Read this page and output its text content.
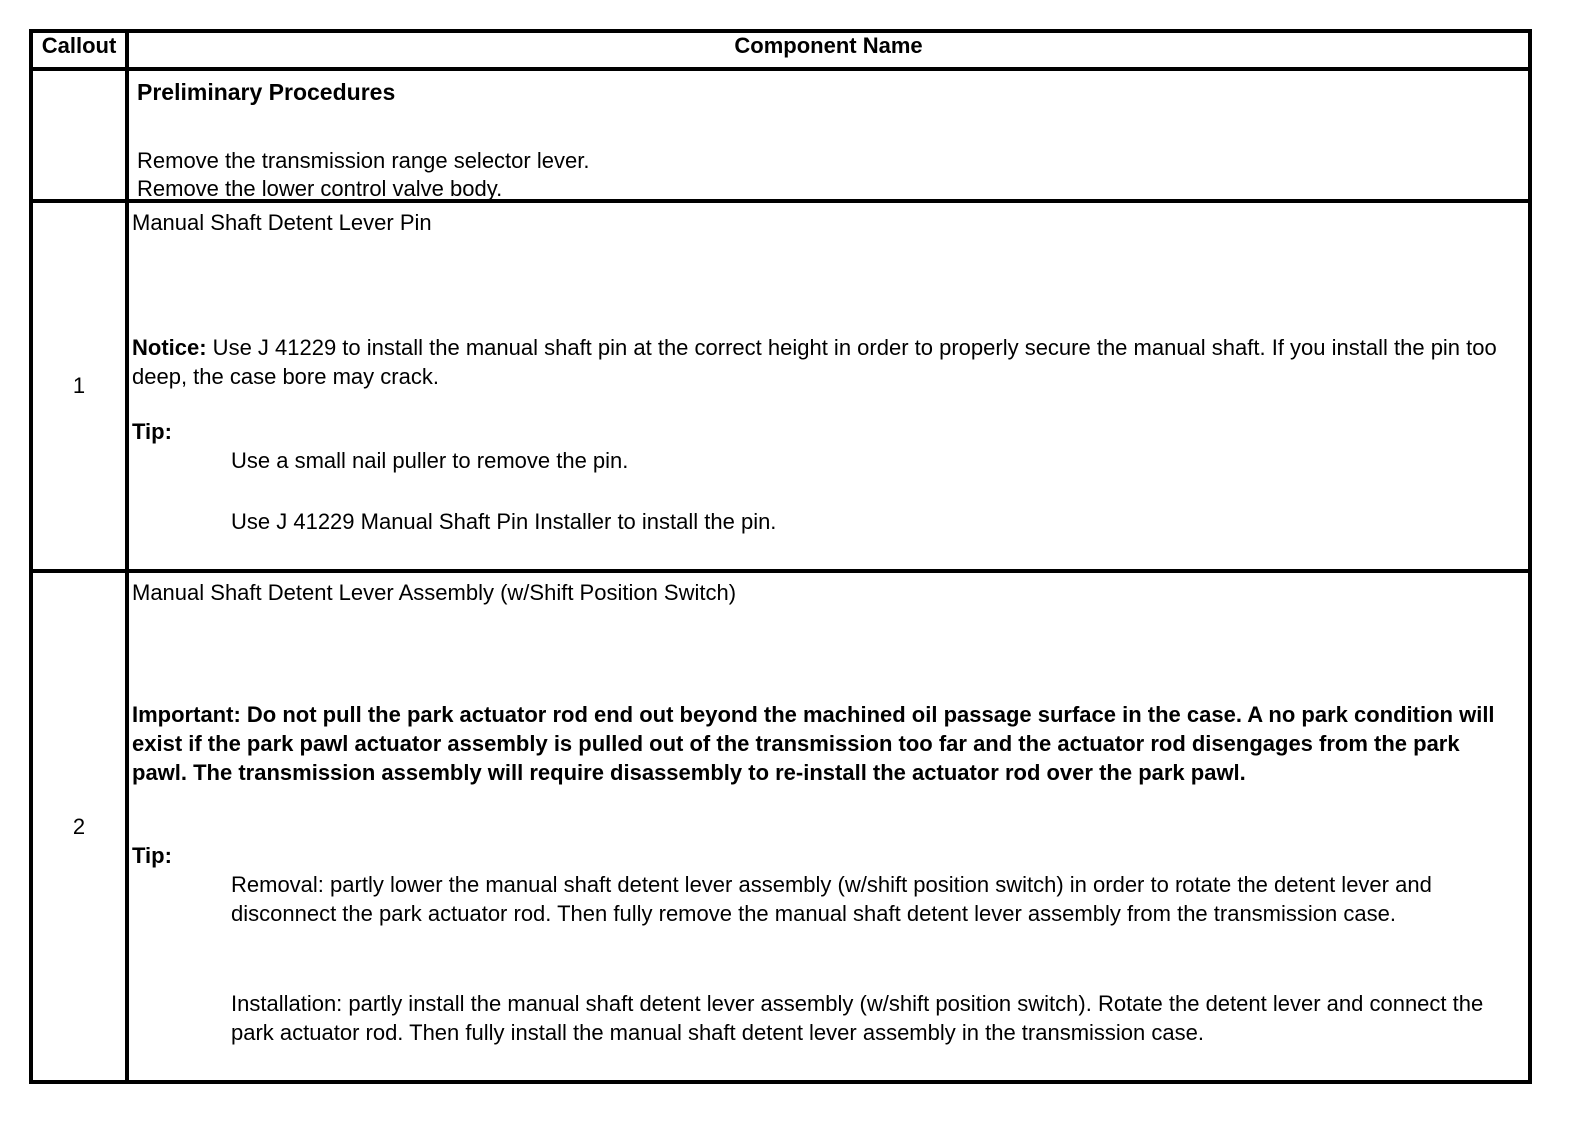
Callout	Component Name

	Preliminary Procedures
Remove the transmission range selector lever.
Remove the lower control valve body.

1	Manual Shaft Detent Lever Pin
Notice: Use J 41229 to install the manual shaft pin at the correct height in order to properly secure the manual shaft. If you install the pin too deep, the case bore may crack.
Tip:
Use a small nail puller to remove the pin.
Use J 41229 Manual Shaft Pin Installer to install the pin.

2	Manual Shaft Detent Lever Assembly (w/Shift Position Switch)
Important: Do not pull the park actuator rod end out beyond the machined oil passage surface in the case. A no park condition will exist if the park pawl actuator assembly is pulled out of the transmission too far and the actuator rod disengages from the park pawl. The transmission assembly will require disassembly to re-install the actuator rod over the park pawl.
Tip:
Removal: partly lower the manual shaft detent lever assembly (w/shift position switch) in order to rotate the detent lever and disconnect the park actuator rod. Then fully remove the manual shaft detent lever assembly from the transmission case.
Installation: partly install the manual shaft detent lever assembly (w/shift position switch). Rotate the detent lever and connect the park actuator rod. Then fully install the manual shaft detent lever assembly in the transmission case.
